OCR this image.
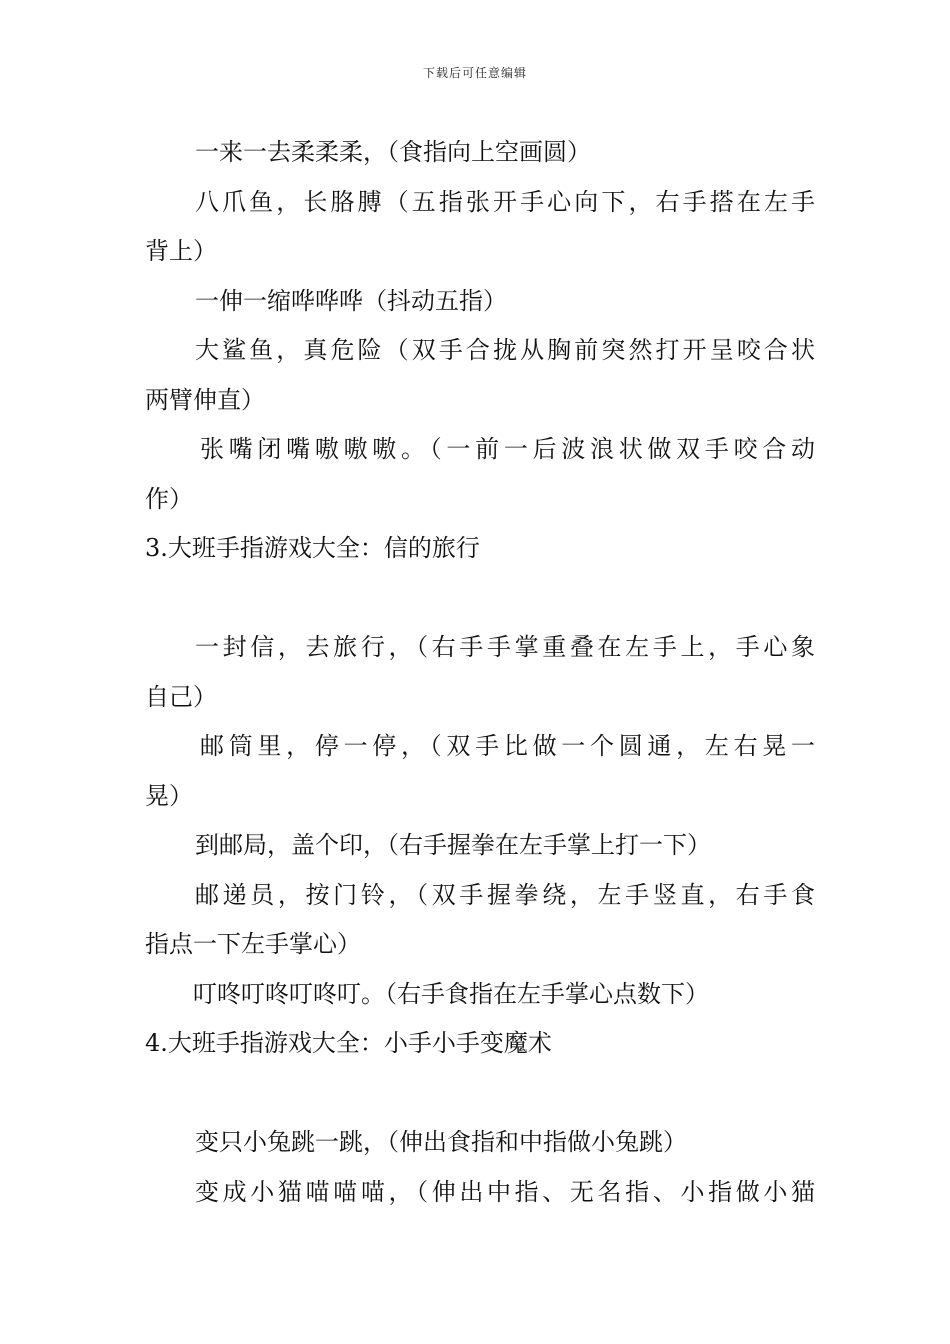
下载后可任意编辑
一来一去柔柔柔，（食指向上空画圆）
八爪鱼，长胳膊（五指张开手心向下，右手搭在左手
背上）
一伸一缩哗哗哗（抖动五指）
大鲨鱼，真危险（双手合拢从胸前突然打开呈咬合状
两臂伸直）
张嘴闭嘴嗷嗷嗷。（一前一后波浪状做双手咬合动
作）
3.大班手指游戏大全：信的旅行
一封信，去旅行，（右手手掌重叠在左手上，手心象
自己）
邮筒里，停一停，（双手比做一个圆通，左右晃一
晃）
到邮局，盖个印，（右手握拳在左手掌上打一下）
邮递员，按门铃，（双手握拳绕，左手竖直，右手食
指点一下左手掌心）
叮咚叮咚叮咚叮。（右手食指在左手掌心点数下）
4.大班手指游戏大全：小手小手变魔术
变只小兔跳一跳，（伸出食指和中指做小兔跳）
变成小猫喵喵喵，（伸出中指、无名指、小指做小猫
